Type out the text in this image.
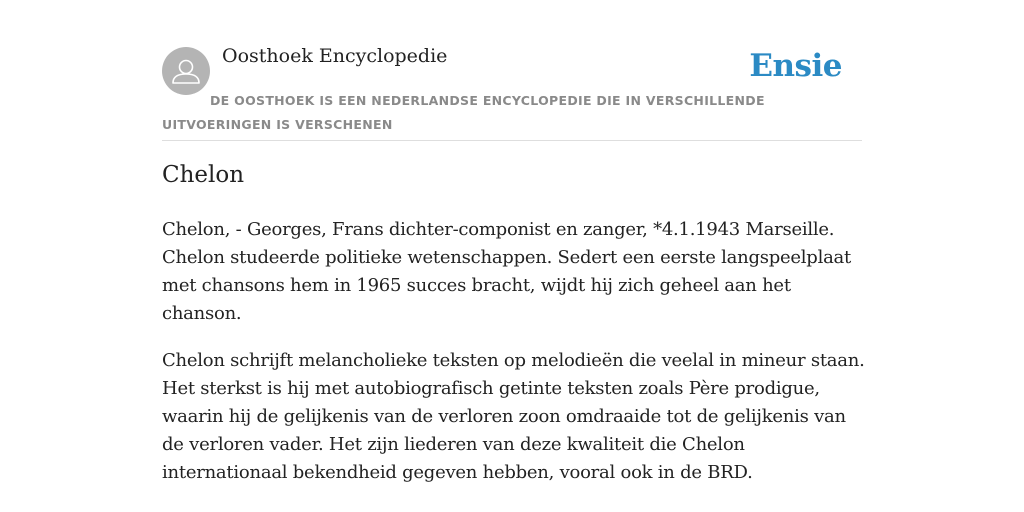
Oosthoek Encyclopedie	Ensie
DE OOSTHOEK IS EEN NEDERLANDSE ENCYCLOPEDIE DIE IN VERSCHILLENDE UITVOERINGEN IS VERSCHENEN
Chelon

Chelon, - Georges, Frans dichter-componist en zanger, *4.1.1943 Marseille. Chelon studeerde politieke wetenschappen. Sedert een eerste langspeelplaat met chansons hem in 1965 succes bracht, wijdt hij zich geheel aan het chanson.

Chelon schrijft melancholieke teksten op melodieën die veelal in mineur staan. Het sterkst is hij met autobiografisch getinte teksten zoals Père prodigue, waarin hij de gelijkenis van de verloren zoon omdraaide tot de gelijkenis van de verloren vader. Het zijn liederen van deze kwaliteit die Chelon internationaal bekendheid gegeven hebben, vooral ook in de BRD.
